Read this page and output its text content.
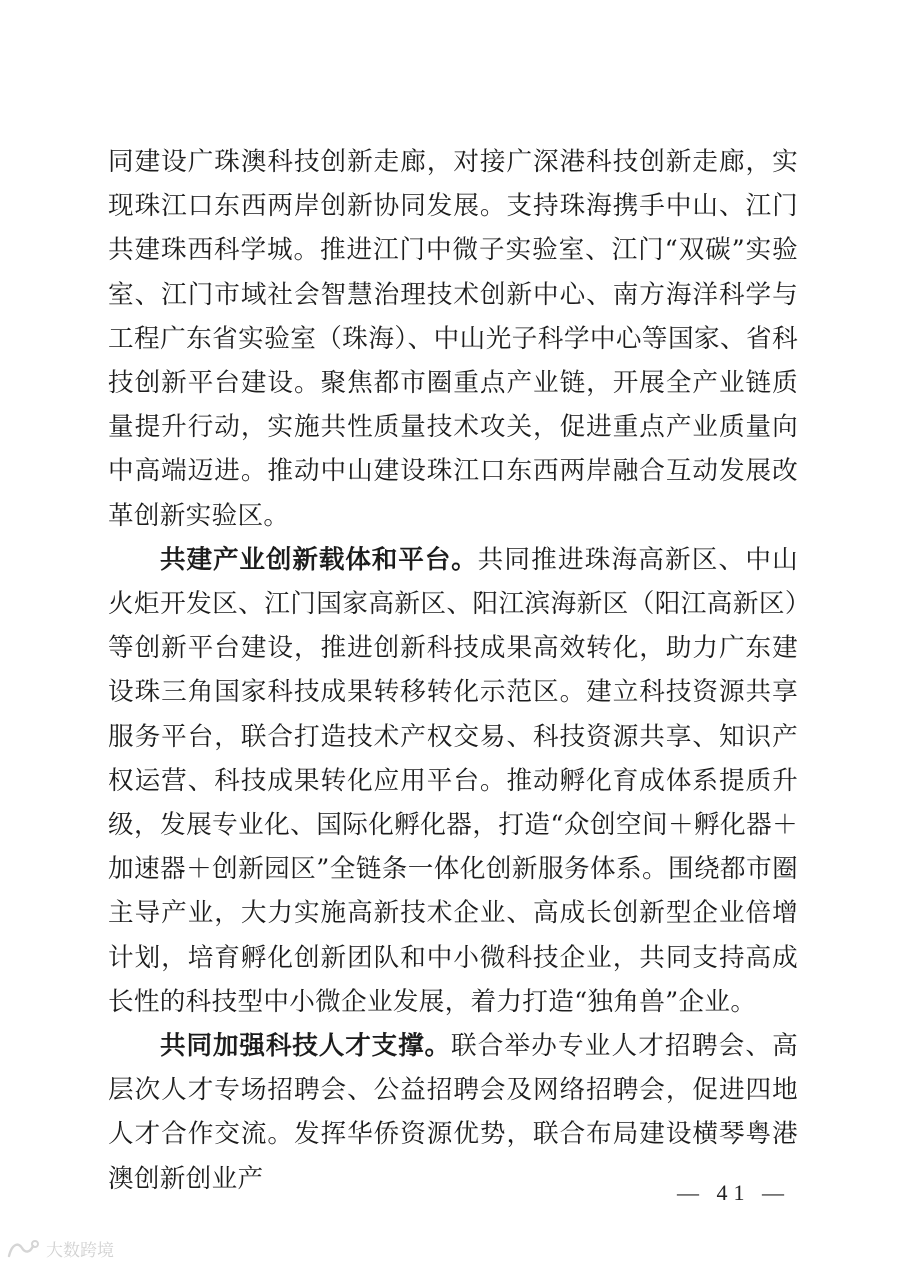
同建设广珠澳科技创新走廊，对接广深港科技创新走廊，实现珠江口东西两岸创新协同发展。支持珠海携手中山、江门共建珠西科学城。推进江门中微子实验室、江门“双碳”实验室、江门市域社会智慧治理技术创新中心、南方海洋科学与工程广东省实验室（珠海）、中山光子科学中心等国家、省科技创新平台建设。聚焦都市圈重点产业链，开展全产业链质量提升行动，实施共性质量技术攻关，促进重点产业质量向中高端迈进。推动中山建设珠江口东西两岸融合互动发展改革创新实验区。

共建产业创新载体和平台。共同推进珠海高新区、中山火炬开发区、江门国家高新区、阳江滨海新区（阳江高新区）等创新平台建设，推进创新科技成果高效转化，助力广东建设珠三角国家科技成果转移转化示范区。建立科技资源共享服务平台，联合打造技术产权交易、科技资源共享、知识产权运营、科技成果转化应用平台。推动孵化育成体系提质升级，发展专业化、国际化孵化器，打造“众创空间＋孵化器＋加速器＋创新园区”全链条一体化创新服务体系。围绕都市圈主导产业，大力实施高新技术企业、高成长创新型企业倍增计划，培育孵化创新团队和中小微科技企业，共同支持高成长性的科技型中小微企业发展，着力打造“独角兽”企业。

共同加强科技人才支撑。联合举办专业人才招聘会、高层次人才专场招聘会、公益招聘会及网络招聘会，促进四地人才合作交流。发挥华侨资源优势，联合布局建设横琴粤港澳创新创业产	— 41 —
大数跨境
